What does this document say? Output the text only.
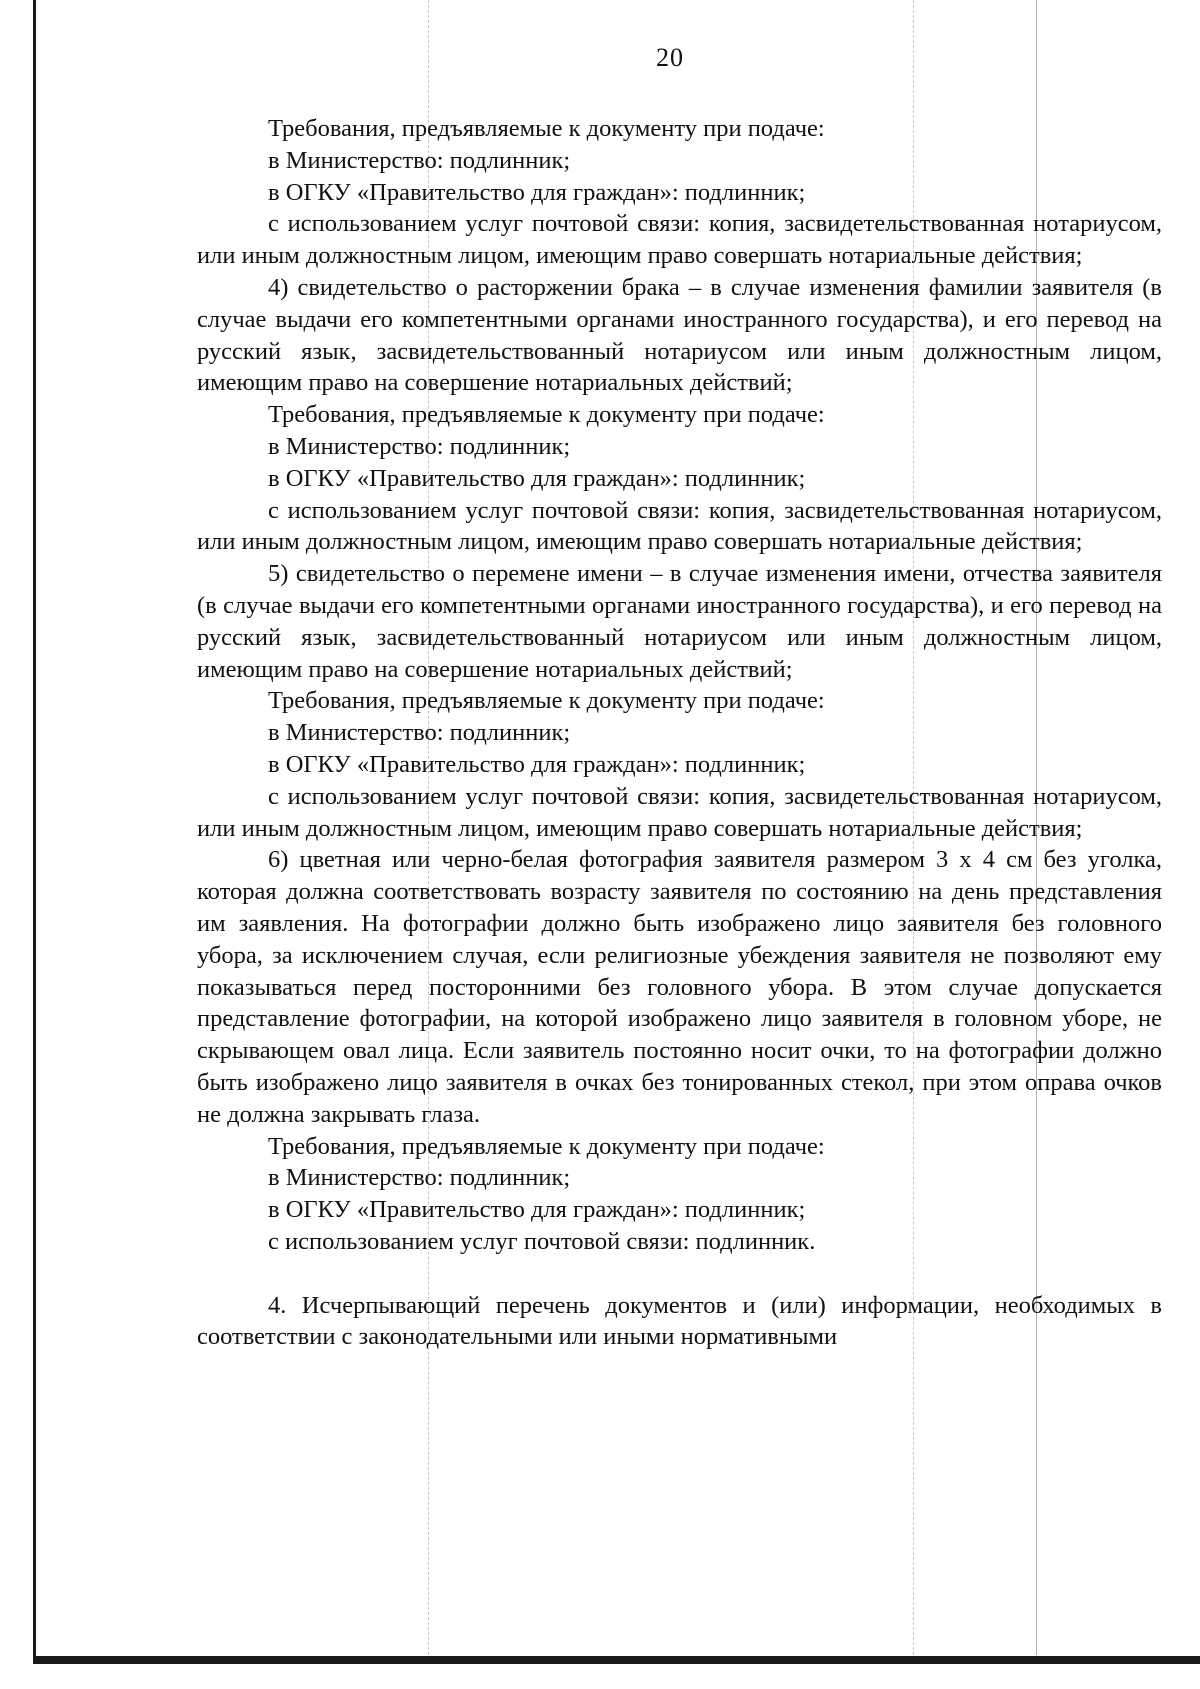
20

Требования, предъявляемые к документу при подаче:

в Министерство: подлинник;

в ОГКУ «Правительство для граждан»: подлинник;

с использованием услуг почтовой связи: копия, засвидетельствованная нотариусом, или иным должностным лицом, имеющим право совершать нотариальные действия;

4) свидетельство о расторжении брака – в случае изменения фамилии заявителя (в случае выдачи его компетентными органами иностранного государства), и его перевод на русский язык, засвидетельствованный нотариусом или иным должностным лицом, имеющим право на совершение нотариальных действий;

Требования, предъявляемые к документу при подаче:

в Министерство: подлинник;

в ОГКУ «Правительство для граждан»: подлинник;

с использованием услуг почтовой связи: копия, засвидетельствованная нотариусом, или иным должностным лицом, имеющим право совершать нотариальные действия;

5) свидетельство о перемене имени – в случае изменения имени, отчества заявителя (в случае выдачи его компетентными органами иностранного государства), и его перевод на русский язык, засвидетельствованный нотариусом или иным должностным лицом, имеющим право на совершение нотариальных действий;

Требования, предъявляемые к документу при подаче:

в Министерство: подлинник;

в ОГКУ «Правительство для граждан»: подлинник;

с использованием услуг почтовой связи: копия, засвидетельствованная нотариусом, или иным должностным лицом, имеющим право совершать нотариальные действия;

6) цветная или черно-белая фотография заявителя размером 3 х 4 см без уголка, которая должна соответствовать возрасту заявителя по состоянию на день представления им заявления. На фотографии должно быть изображено лицо заявителя без головного убора, за исключением случая, если религиозные убеждения заявителя не позволяют ему показываться перед посторонними без головного убора. В этом случае допускается представление фотографии, на которой изображено лицо заявителя в головном уборе, не скрывающем овал лица. Если заявитель постоянно носит очки, то на фотографии должно быть изображено лицо заявителя в очках без тонированных стекол, при этом оправа очков не должна закрывать глаза.

Требования, предъявляемые к документу при подаче:

в Министерство: подлинник;

в ОГКУ «Правительство для граждан»: подлинник;

с использованием услуг почтовой связи: подлинник.

4. Исчерпывающий перечень документов и (или) информации, необходимых в соответствии с законодательными или иными нормативными
